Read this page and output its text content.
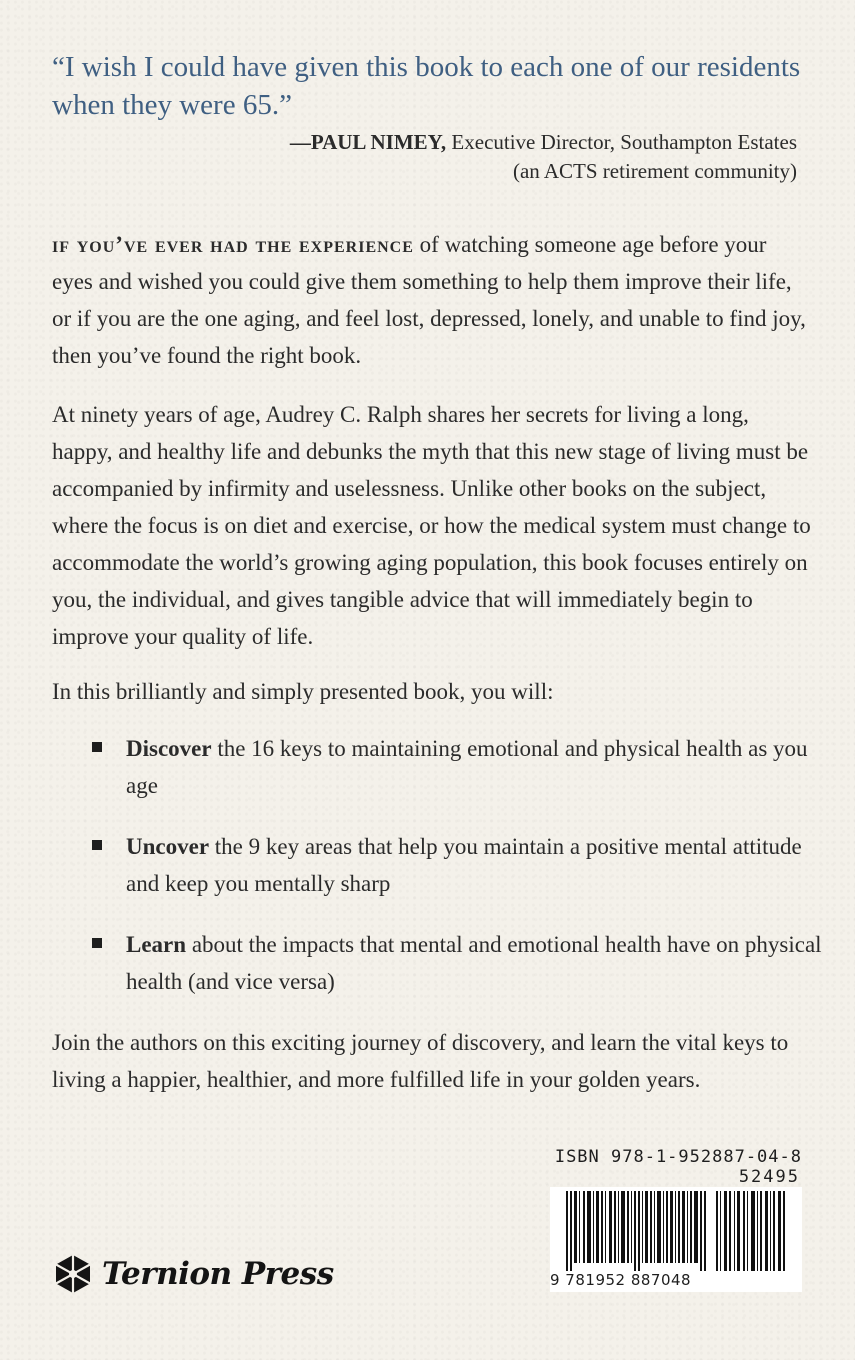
“I wish I could have given this book to each one of our residents when they were 65.”
—PAUL NIMEY, Executive Director, Southampton Estates
(an ACTS retirement community)
if you’ve ever had the experience of watching someone age before your eyes and wished you could give them something to help them improve their life, or if you are the one aging, and feel lost, depressed, lonely, and unable to find joy, then you’ve found the right book.
At ninety years of age, Audrey C. Ralph shares her secrets for living a long, happy, and healthy life and debunks the myth that this new stage of living must be accompanied by infirmity and uselessness. Unlike other books on the subject, where the focus is on diet and exercise, or how the medical system must change to accommodate the world’s growing aging population, this book focuses entirely on you, the individual, and gives tangible advice that will immediately begin to improve your quality of life.
In this brilliantly and simply presented book, you will:
Discover the 16 keys to maintaining emotional and physical health as you age
Uncover the 9 key areas that help you maintain a positive mental attitude and keep you mentally sharp
Learn about the impacts that mental and emotional health have on physical health (and vice versa)
Join the authors on this exciting journey of discovery, and learn the vital keys to living a happier, healthier, and more fulfilled life in your golden years.
ISBN 978-1-952887-04-8
52495
9 781952 887048
Ternion Press
